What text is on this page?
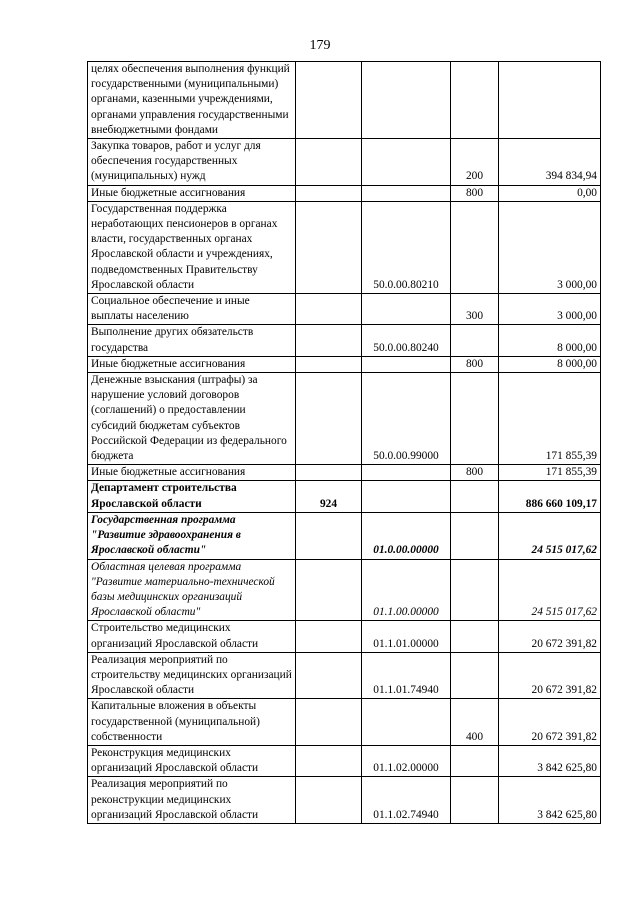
179
целях обеспечения выполнения функций государственными (муниципальными) органами, казенными учреждениями, органами управления государственными внебюджетными фондами				
Закупка товаров, работ и услуг для обеспечения государственных (муниципальных) нужд			200	394 834,94
Иные бюджетные ассигнования			800	0,00
Государственная поддержка неработающих пенсионеров в органах власти, государственных органах Ярославской области и учреждениях, подведомственных Правительству Ярославской области		50.0.00.80210		3 000,00
Социальное обеспечение и иные выплаты населению			300	3 000,00
Выполнение других обязательств государства		50.0.00.80240		8 000,00
Иные бюджетные ассигнования			800	8 000,00
Денежные взыскания (штрафы) за нарушение условий договоров (соглашений) о предоставлении субсидий бюджетам субъектов Российской Федерации из федерального бюджета		50.0.00.99000		171 855,39
Иные бюджетные ассигнования			800	171 855,39
Департамент строительства Ярославской области	924			886 660 109,17
Государственная программа "Развитие здравоохранения в Ярославской области"		01.0.00.00000		24 515 017,62
Областная целевая программа "Развитие материально-технической базы медицинских организаций Ярославской области"		01.1.00.00000		24 515 017,62
Строительство медицинских организаций Ярославской области		01.1.01.00000		20 672 391,82
Реализация мероприятий по строительству медицинских организаций Ярославской области		01.1.01.74940		20 672 391,82
Капитальные вложения в объекты государственной (муниципальной) собственности			400	20 672 391,82
Реконструкция медицинских организаций Ярославской области		01.1.02.00000		3 842 625,80
Реализация мероприятий по реконструкции медицинских организаций Ярославской области		01.1.02.74940		3 842 625,80
